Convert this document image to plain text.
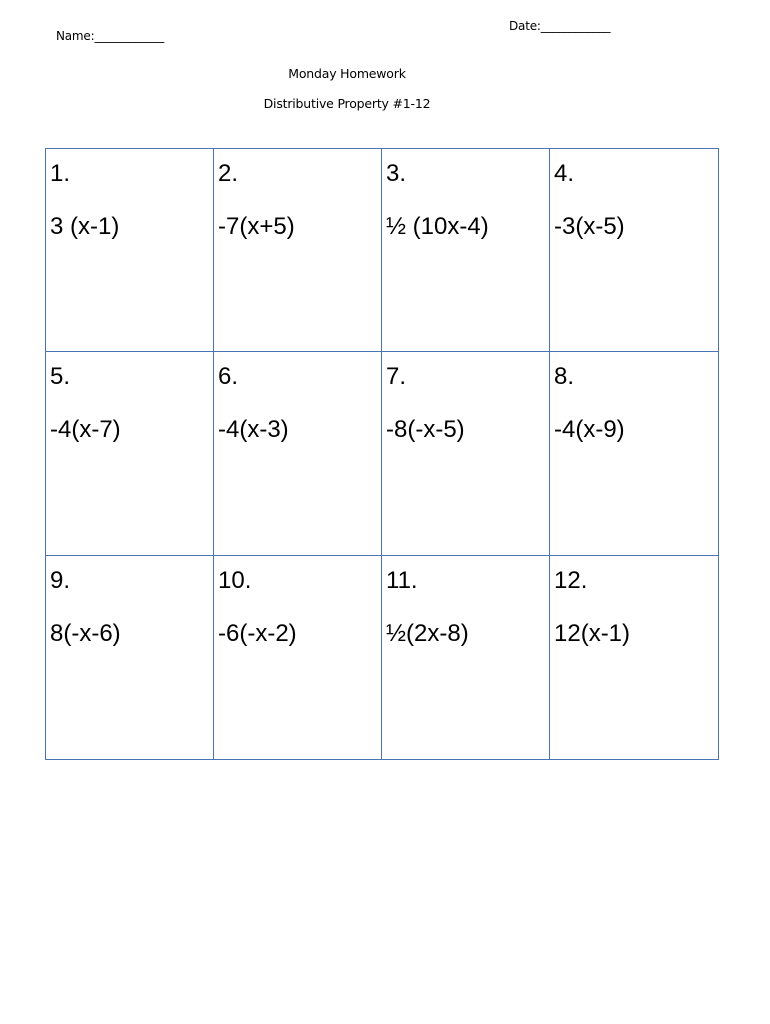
Name:____________
Date:____________
Monday Homework
Distributive Property #1-12
1.
3 (x-1)
2.
-7(x+5)
3.
½ (10x-4)
4.
-3(x-5)
5.
-4(x-7)
6.
-4(x-3)
7.
-8(-x-5)
8.
-4(x-9)
9.
8(-x-6)
10.
-6(-x-2)
11.
½(2x-8)
12.
12(x-1)
